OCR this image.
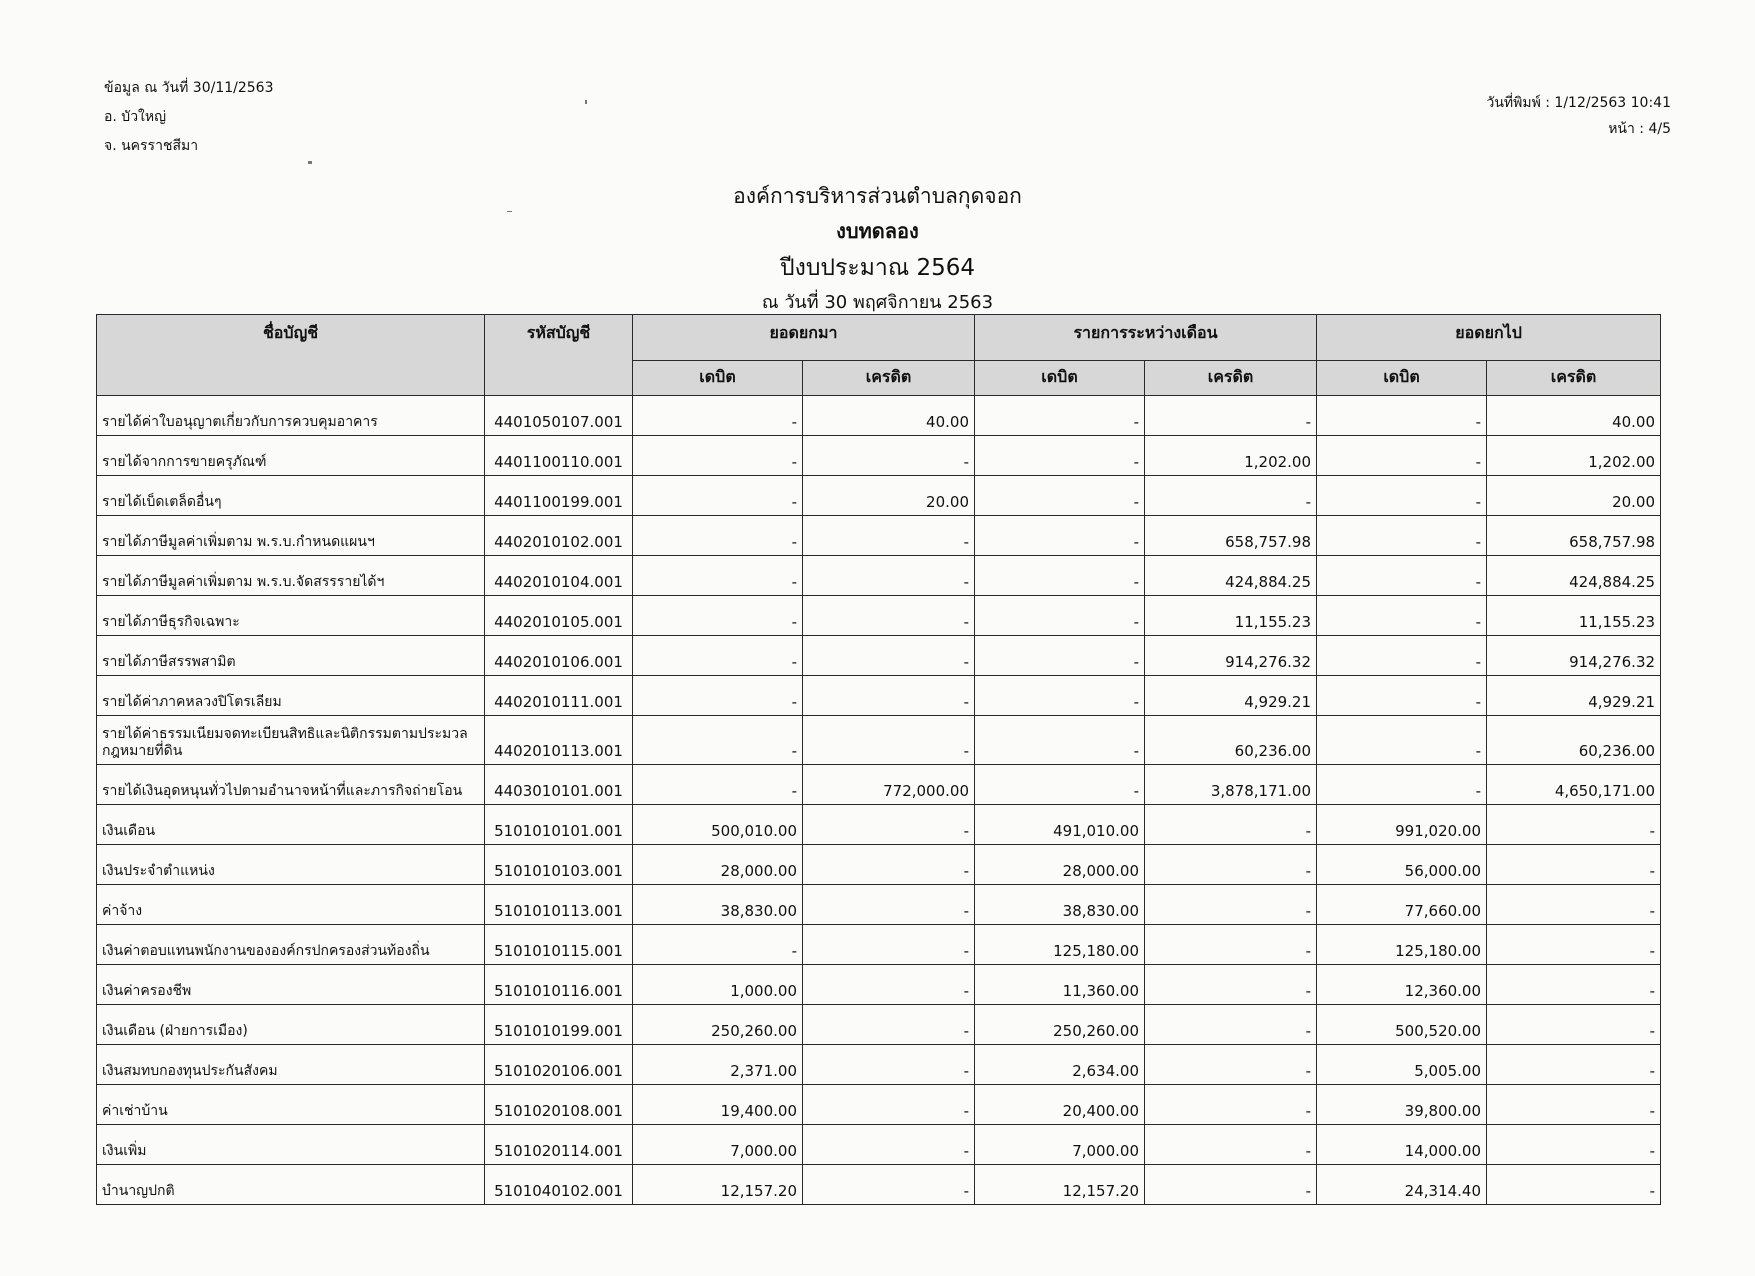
ข้อมูล ณ วันที่ 30/11/2563
อ. บัวใหญ่
จ. นครราชสีมา
วันที่พิมพ์ : 1/12/2563 10:41
หน้า : 4/5
องค์การบริหารส่วนตำบลกุดจอก
งบทดลอง
ปีงบประมาณ 2564
ณ วันที่ 30 พฤศจิกายน 2563
ชื่อบัญชี	รหัสบัญชี	ยอดยกมา		รายการระหว่างเดือน		ยอดยกไป	
		เดบิต	เครดิต	เดบิต	เครดิต	เดบิต	เครดิต
รายได้ค่าใบอนุญาตเกี่ยวกับการควบคุมอาคาร	4401050107.001	-	40.00	-	-	-	40.00
รายได้จากการขายครุภัณฑ์	4401100110.001	-	-	-	1,202.00	-	1,202.00
รายได้เบ็ดเตล็ดอื่นๆ	4401100199.001	-	20.00	-	-	-	20.00
รายได้ภาษีมูลค่าเพิ่มตาม พ.ร.บ.กำหนดแผนฯ	4402010102.001	-	-	-	658,757.98	-	658,757.98
รายได้ภาษีมูลค่าเพิ่มตาม พ.ร.บ.จัดสรรรายได้ฯ	4402010104.001	-	-	-	424,884.25	-	424,884.25
รายได้ภาษีธุรกิจเฉพาะ	4402010105.001	-	-	-	11,155.23	-	11,155.23
รายได้ภาษีสรรพสามิต	4402010106.001	-	-	-	914,276.32	-	914,276.32
รายได้ค่าภาคหลวงปิโตรเลียม	4402010111.001	-	-	-	4,929.21	-	4,929.21
รายได้ค่าธรรมเนียมจดทะเบียนสิทธิและนิติกรรมตามประมวลกฎหมายที่ดิน	4402010113.001	-	-	-	60,236.00	-	60,236.00
รายได้เงินอุดหนุนทั่วไปตามอำนาจหน้าที่และภารกิจถ่ายโอน	4403010101.001	-	772,000.00	-	3,878,171.00	-	4,650,171.00
เงินเดือน	5101010101.001	500,010.00	-	491,010.00	-	991,020.00	-
เงินประจำตำแหน่ง	5101010103.001	28,000.00	-	28,000.00	-	56,000.00	-
ค่าจ้าง	5101010113.001	38,830.00	-	38,830.00	-	77,660.00	-
เงินค่าตอบแทนพนักงานขององค์กรปกครองส่วนท้องถิ่น	5101010115.001	-	-	125,180.00	-	125,180.00	-
เงินค่าครองชีพ	5101010116.001	1,000.00	-	11,360.00	-	12,360.00	-
เงินเดือน (ฝ่ายการเมือง)	5101010199.001	250,260.00	-	250,260.00	-	500,520.00	-
เงินสมทบกองทุนประกันสังคม	5101020106.001	2,371.00	-	2,634.00	-	5,005.00	-
ค่าเช่าบ้าน	5101020108.001	19,400.00	-	20,400.00	-	39,800.00	-
เงินเพิ่ม	5101020114.001	7,000.00	-	7,000.00	-	14,000.00	-
บำนาญปกติ	5101040102.001	12,157.20	-	12,157.20	-	24,314.40	-
